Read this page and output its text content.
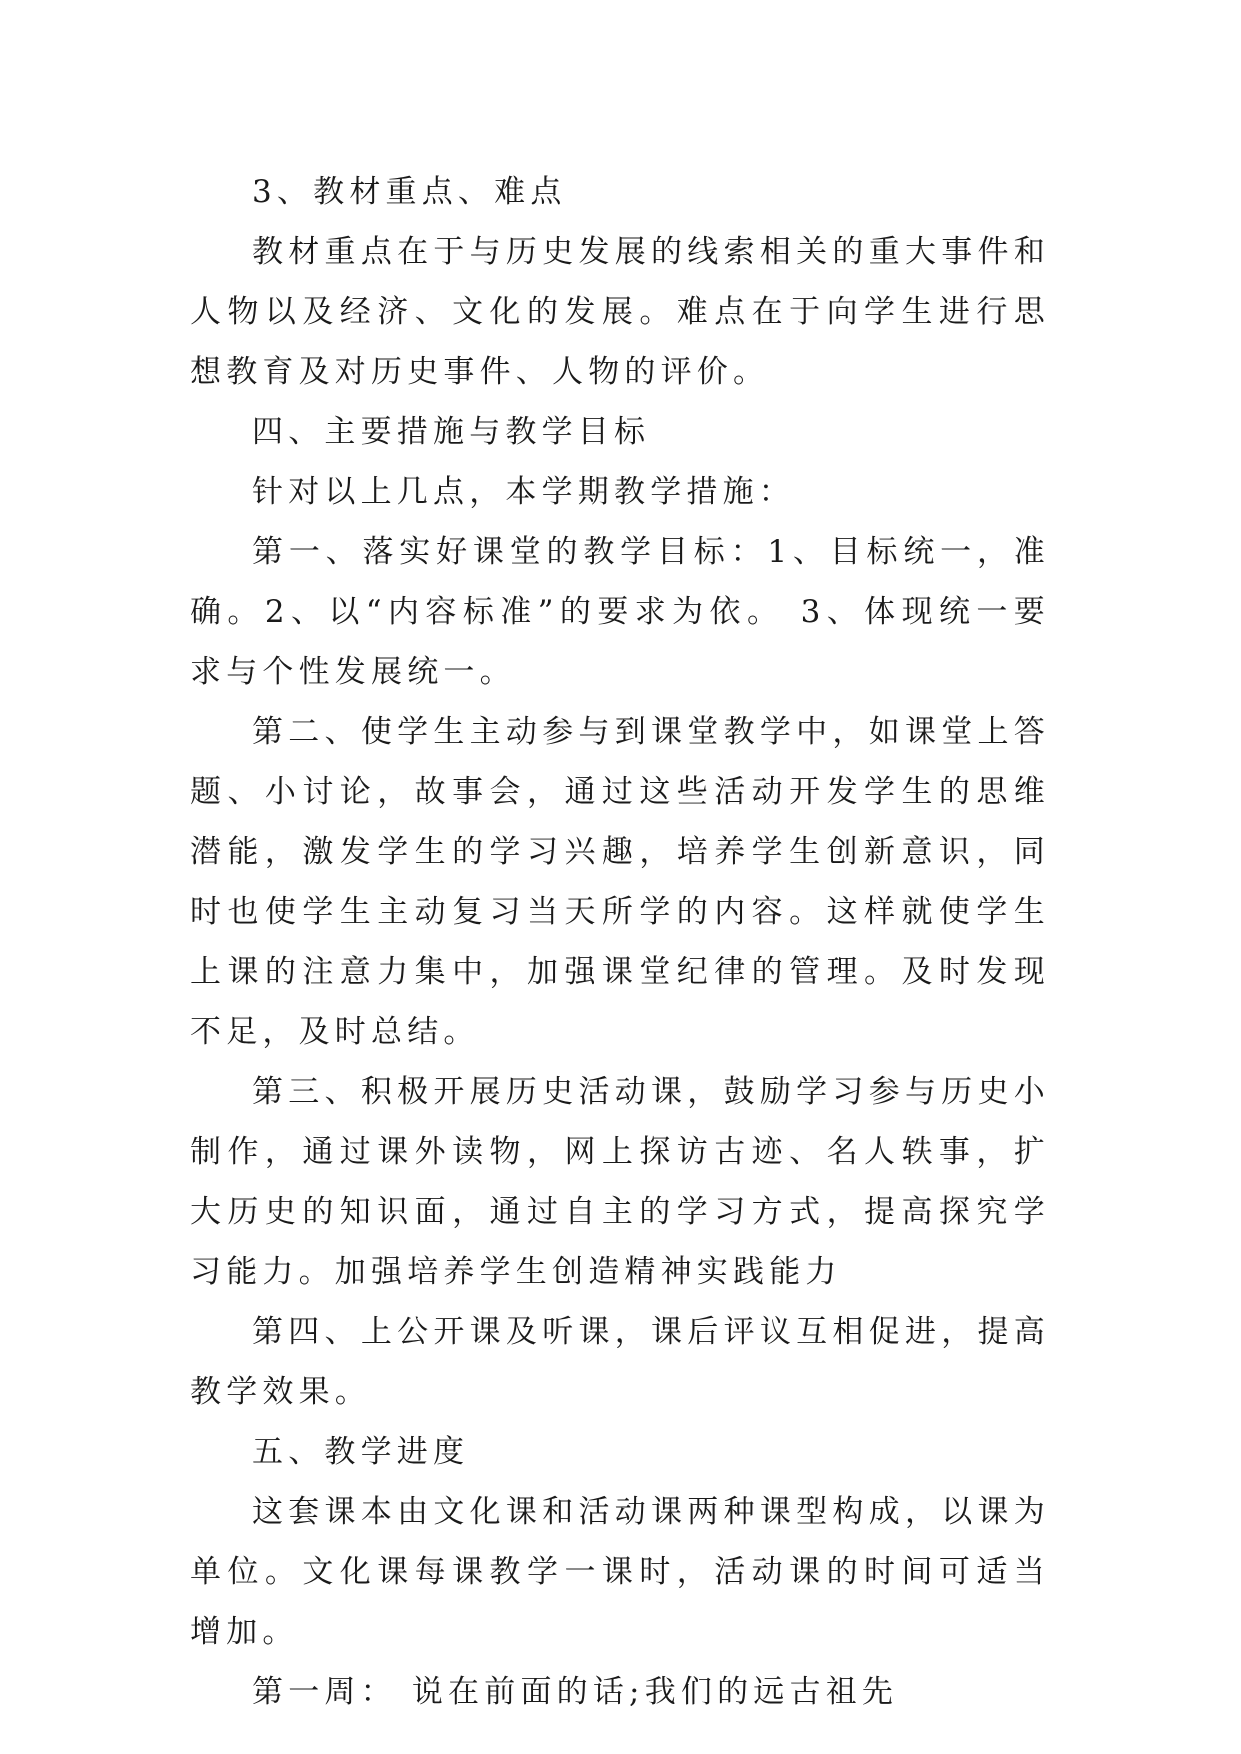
3、教材重点、难点

教材重点在于与历史发展的线索相关的重大事件和人物以及经济、文化的发展。难点在于向学生进行思想教育及对历史事件、人物的评价。

四、主要措施与教学目标

针对以上几点，本学期教学措施：

第一、落实好课堂的教学目标：1、目标统一，准确。2、以“内容标准”的要求为依。 3、体现统一要求与个性发展统一。

第二、使学生主动参与到课堂教学中，如课堂上答题、小讨论，故事会，通过这些活动开发学生的思维潜能，激发学生的学习兴趣，培养学生创新意识，同时也使学生主动复习当天所学的内容。这样就使学生上课的注意力集中，加强课堂纪律的管理。及时发现不足，及时总结。

第三、积极开展历史活动课，鼓励学习参与历史小制作，通过课外读物，网上探访古迹、名人轶事，扩大历史的知识面，通过自主的学习方式，提高探究学习能力。加强培养学生创造精神实践能力

第四、上公开课及听课，课后评议互相促进，提高教学效果。

五、教学进度

这套课本由文化课和活动课两种课型构成，以课为单位。文化课每课教学一课时，活动课的时间可适当增加。

第一周： 说在前面的话;我们的远古祖先
